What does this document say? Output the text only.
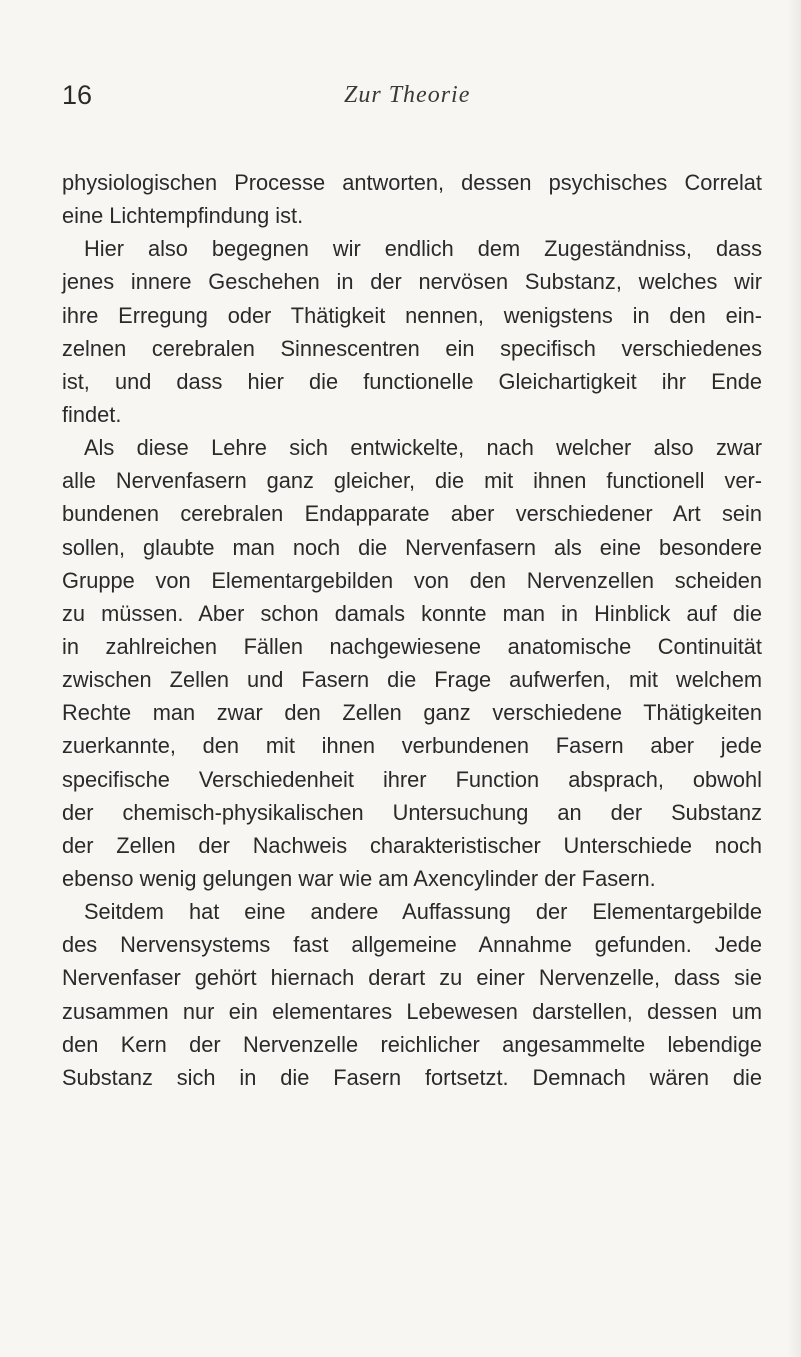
16	Zur Theorie
physiologischen Processe antworten, dessen psychisches Correlat
eine Lichtempfindung ist.
Hier also begegnen wir endlich dem Zugeständniss, dass
jenes innere Geschehen in der nervösen Substanz, welches wir
ihre Erregung oder Thätigkeit nennen, wenigstens in den ein-
zelnen cerebralen Sinnescentren ein specifisch verschiedenes
ist, und dass hier die functionelle Gleichartigkeit ihr Ende
findet.
Als diese Lehre sich entwickelte, nach welcher also zwar
alle Nervenfasern ganz gleicher, die mit ihnen functionell ver-
bundenen cerebralen Endapparate aber verschiedener Art sein
sollen, glaubte man noch die Nervenfasern als eine besondere
Gruppe von Elementargebilden von den Nervenzellen scheiden
zu müssen. Aber schon damals konnte man in Hinblick auf die
in zahlreichen Fällen nachgewiesene anatomische Continuität
zwischen Zellen und Fasern die Frage aufwerfen, mit welchem
Rechte man zwar den Zellen ganz verschiedene Thätigkeiten
zuerkannte, den mit ihnen verbundenen Fasern aber jede
specifische Verschiedenheit ihrer Function absprach, obwohl
der chemisch-physikalischen Untersuchung an der Substanz
der Zellen der Nachweis charakteristischer Unterschiede noch
ebenso wenig gelungen war wie am Axencylinder der Fasern.
Seitdem hat eine andere Auffassung der Elementargebilde
des Nervensystems fast allgemeine Annahme gefunden. Jede
Nervenfaser gehört hiernach derart zu einer Nervenzelle, dass sie
zusammen nur ein elementares Lebewesen darstellen, dessen um
den Kern der Nervenzelle reichlicher angesammelte lebendige
Substanz sich in die Fasern fortsetzt. Demnach wären die
